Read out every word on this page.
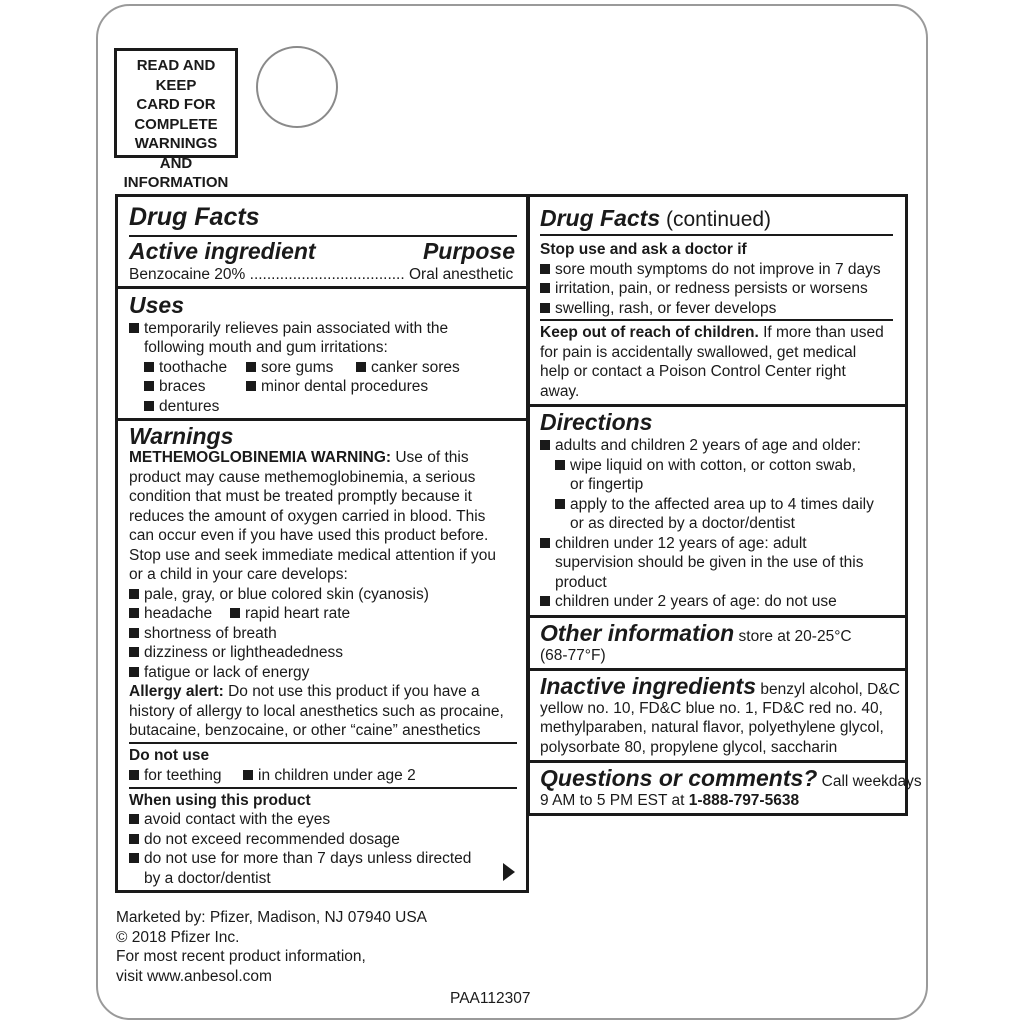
READ AND KEEP
CARD FOR
COMPLETE
WARNINGS AND
INFORMATION
Drug Facts
Active ingredient	Purpose
Benzocaine 20% .................................... Oral anesthetic
Uses
temporarily relieves pain associated with the
following mouth and gum irritations:
toothache	sore gums	canker sores
braces	minor dental procedures
dentures
Warnings
METHEMOGLOBINEMIA WARNING: Use of this
product may cause methemoglobinemia, a serious
condition that must be treated promptly because it
reduces the amount of oxygen carried in blood. This
can occur even if you have used this product before.
Stop use and seek immediate medical attention if you
or a child in your care develops:
pale, gray, or blue colored skin (cyanosis)
headache	rapid heart rate
shortness of breath
dizziness or lightheadedness
fatigue or lack of energy
Allergy alert: Do not use this product if you have a
history of allergy to local anesthetics such as procaine,
butacaine, benzocaine, or other “caine” anesthetics
Do not use
for teething	in children under age 2
When using this product
avoid contact with the eyes
do not exceed recommended dosage
do not use for more than 7 days unless directed
by a doctor/dentist
Drug Facts (continued)
Stop use and ask a doctor if
sore mouth symptoms do not improve in 7 days
irritation, pain, or redness persists or worsens
swelling, rash, or fever develops
Keep out of reach of children. If more than used
for pain is accidentally swallowed, get medical
help or contact a Poison Control Center right
away.
Directions
adults and children 2 years of age and older:
wipe liquid on with cotton, or cotton swab,
or fingertip
apply to the affected area up to 4 times daily
or as directed by a doctor/dentist
children under 12 years of age: adult
supervision should be given in the use of this
product
children under 2 years of age: do not use
Other information store at 20-25°C
(68-77°F)
Inactive ingredients benzyl alcohol, D&C
yellow no. 10, FD&C blue no. 1, FD&C red no. 40,
methylparaben, natural flavor, polyethylene glycol,
polysorbate 80, propylene glycol, saccharin
Questions or comments? Call weekdays
9 AM to 5 PM EST at 1-888-797-5638
Marketed by: Pfizer, Madison, NJ 07940 USA
© 2018 Pfizer Inc.
For most recent product information,
visit www.anbesol.com
PAA112307
